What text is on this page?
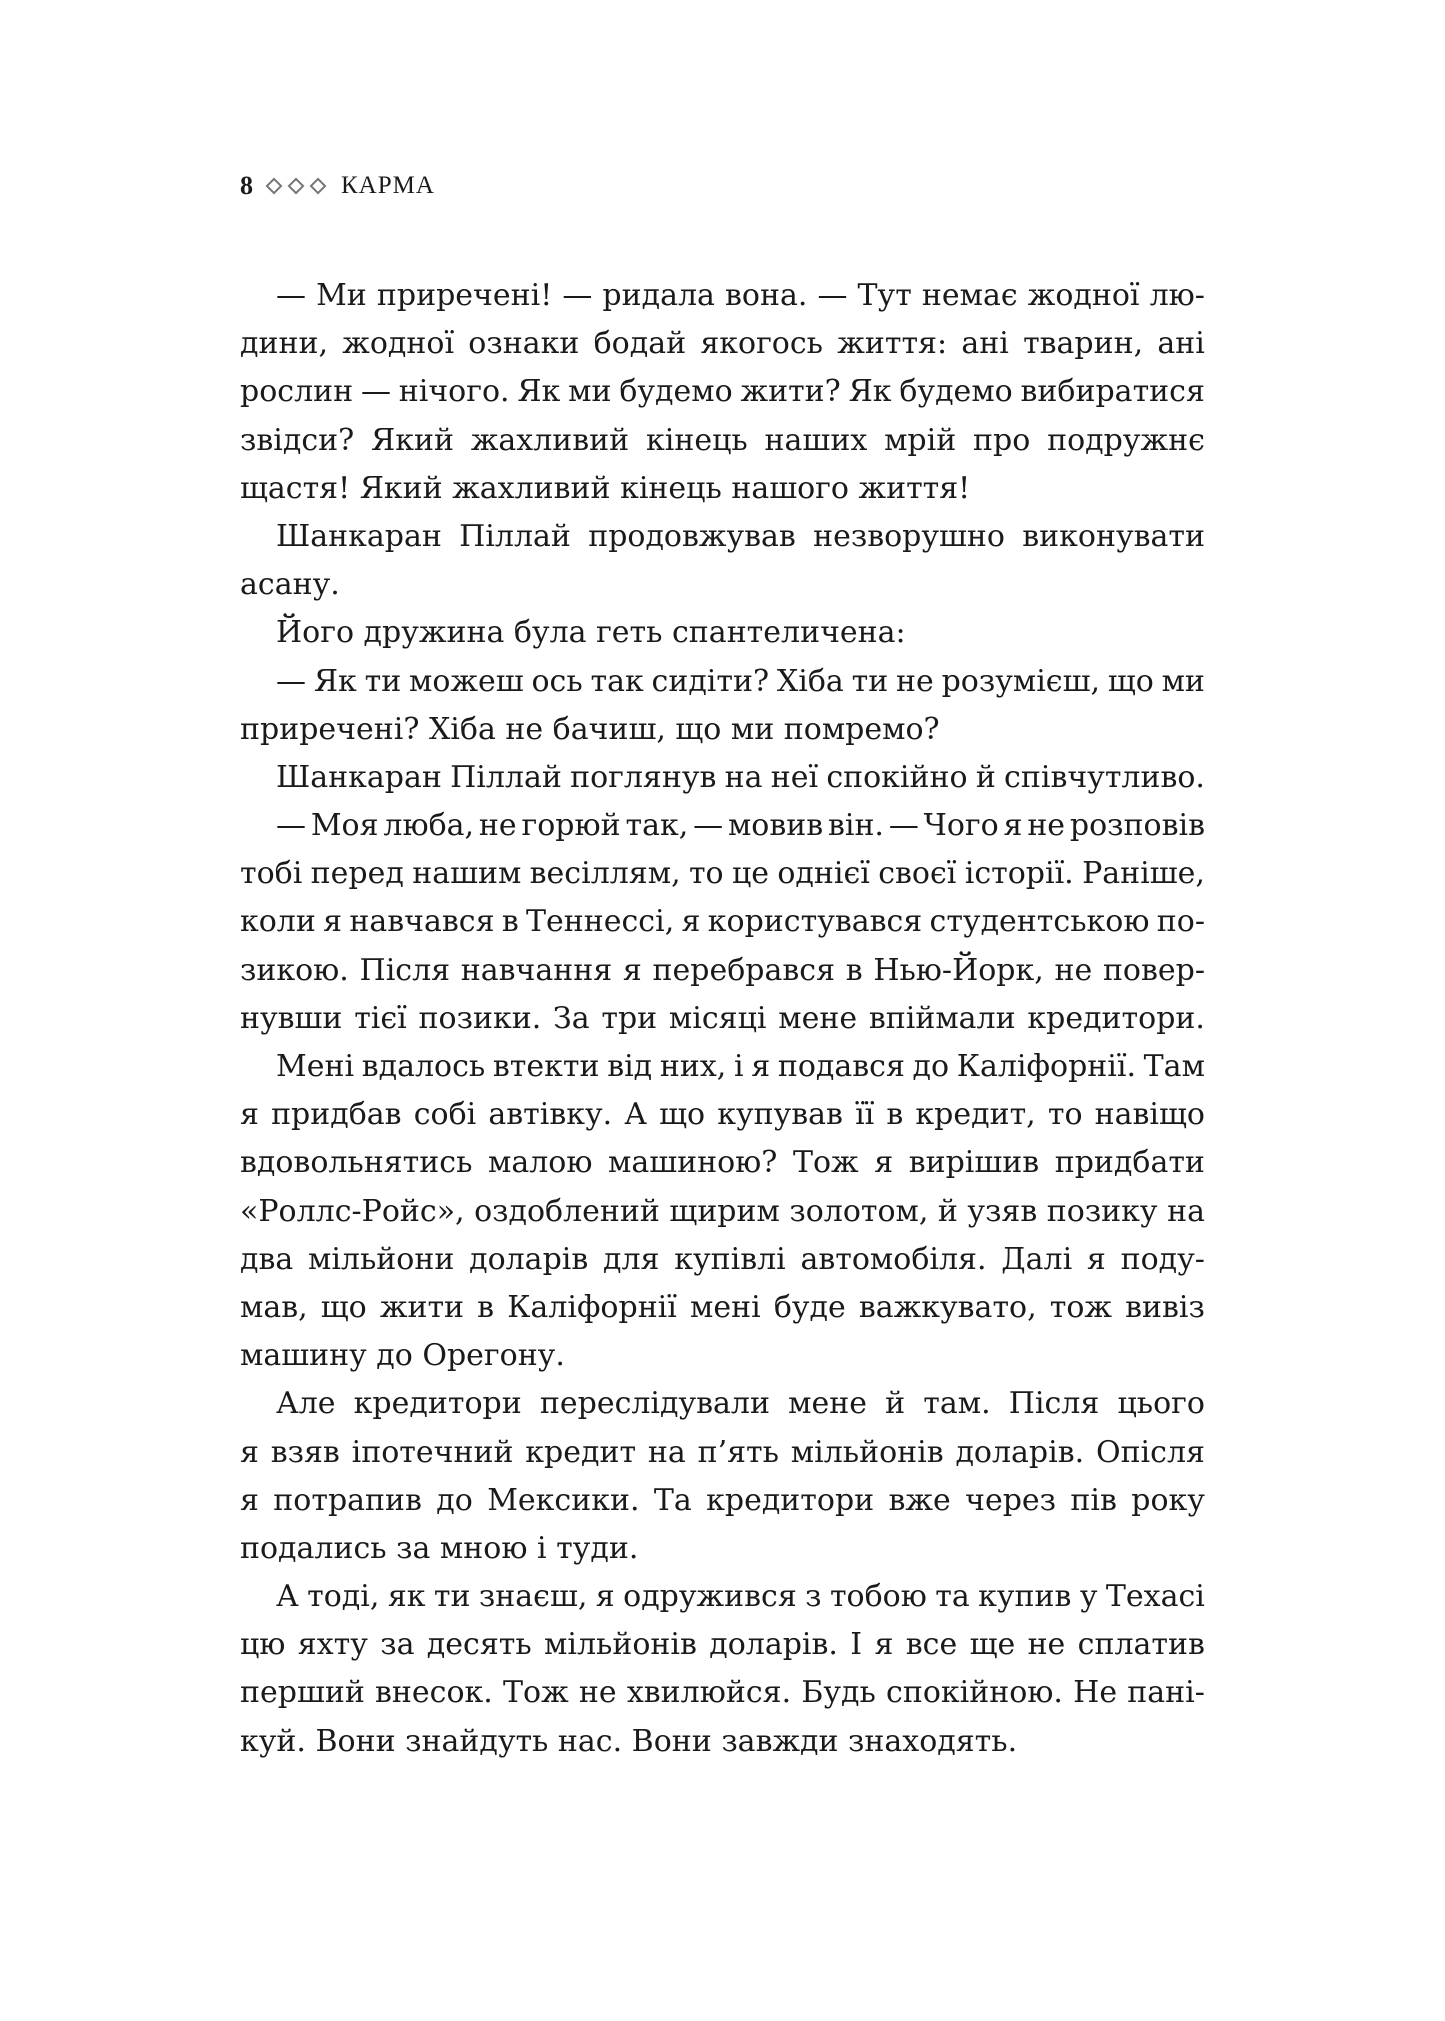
8	КАРМА
— Ми приречені! — ридала вона. — Тут немає жодної лю-
дини, жодної ознаки бодай якогось життя: ані тварин, ані
рослин — нічого. Як ми будемо жити? Як будемо вибиратися
звідси? Який жахливий кінець наших мрій про подружнє
щастя! Який жахливий кінець нашого життя!
Шанкаран Піллай продовжував незворушно виконувати
асану.
Його дружина була геть спантеличена:
— Як ти можеш ось так сидіти? Хіба ти не розумієш, що ми
приречені? Хіба не бачиш, що ми помремо?
Шанкаран Піллай поглянув на неї спокійно й співчутливо.
— Моя люба, не горюй так, — мовив він. — Чого я не розповів
тобі перед нашим весіллям, то це однієї своєї історії. Раніше,
коли я навчався в Теннессі, я користувався студентською по-
зикою. Після навчання я перебрався в Нью-Йорк, не повер-
нувши тієї позики. За три місяці мене впіймали кредитори.
Мені вдалось втекти від них, і я подався до Каліфорнії. Там
я придбав собі автівку. А що купував її в кредит, то навіщо
вдовольнятись малою машиною? Тож я вирішив придбати
«Роллс-Ройс», оздоблений щирим золотом, й узяв позику на
два мільйони доларів для купівлі автомобіля. Далі я поду-
мав, що жити в Каліфорнії мені буде важкувато, тож вивіз
машину до Орегону.
Але кредитори переслідували мене й там. Після цього
я взяв іпотечний кредит на п’ять мільйонів доларів. Опісля
я потрапив до Мексики. Та кредитори вже через пів року
подались за мною і туди.
А тоді, як ти знаєш, я одружився з тобою та купив у Техасі
цю яхту за десять мільйонів доларів. І я все ще не сплатив
перший внесок. Тож не хвилюйся. Будь спокійною. Не пані-
куй. Вони знайдуть нас. Вони завжди знаходять.
